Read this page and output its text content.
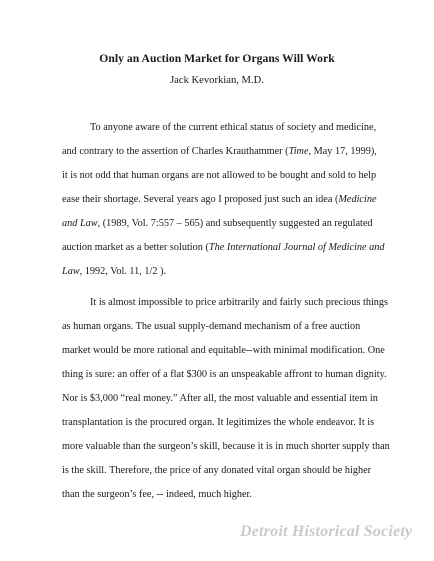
Only an Auction Market for Organs Will Work
Jack Kevorkian, M.D.
To anyone aware of the current ethical status of society and medicine,
and contrary to the assertion of Charles Krauthammer (Time, May 17, 1999),
it is not odd that human organs are not allowed to be bought and sold to help
ease their shortage. Several years ago I proposed just such an idea (Medicine
and Law, (1989, Vol. 7:557 – 565) and subsequently suggested an regulated
auction market as a better solution (The International Journal of Medicine and
Law, 1992, Vol. 11, 1/2 ).
It is almost impossible to price arbitrarily and fairly such precious things
as human organs. The usual supply-demand mechanism of a free auction
market would be more rational and equitable--with minimal modification. One
thing is sure: an offer of a flat $300 is an unspeakable affront to human dignity.
Nor is $3,000 “real money.” After all, the most valuable and essential item in
transplantation is the procured organ. It legitimizes the whole endeavor. It is
more valuable than the surgeon’s skill, because it is in much shorter supply than
is the skill. Therefore, the price of any donated vital organ should be higher
than the surgeon’s fee, -- indeed, much higher.
Detroit Historical Society
